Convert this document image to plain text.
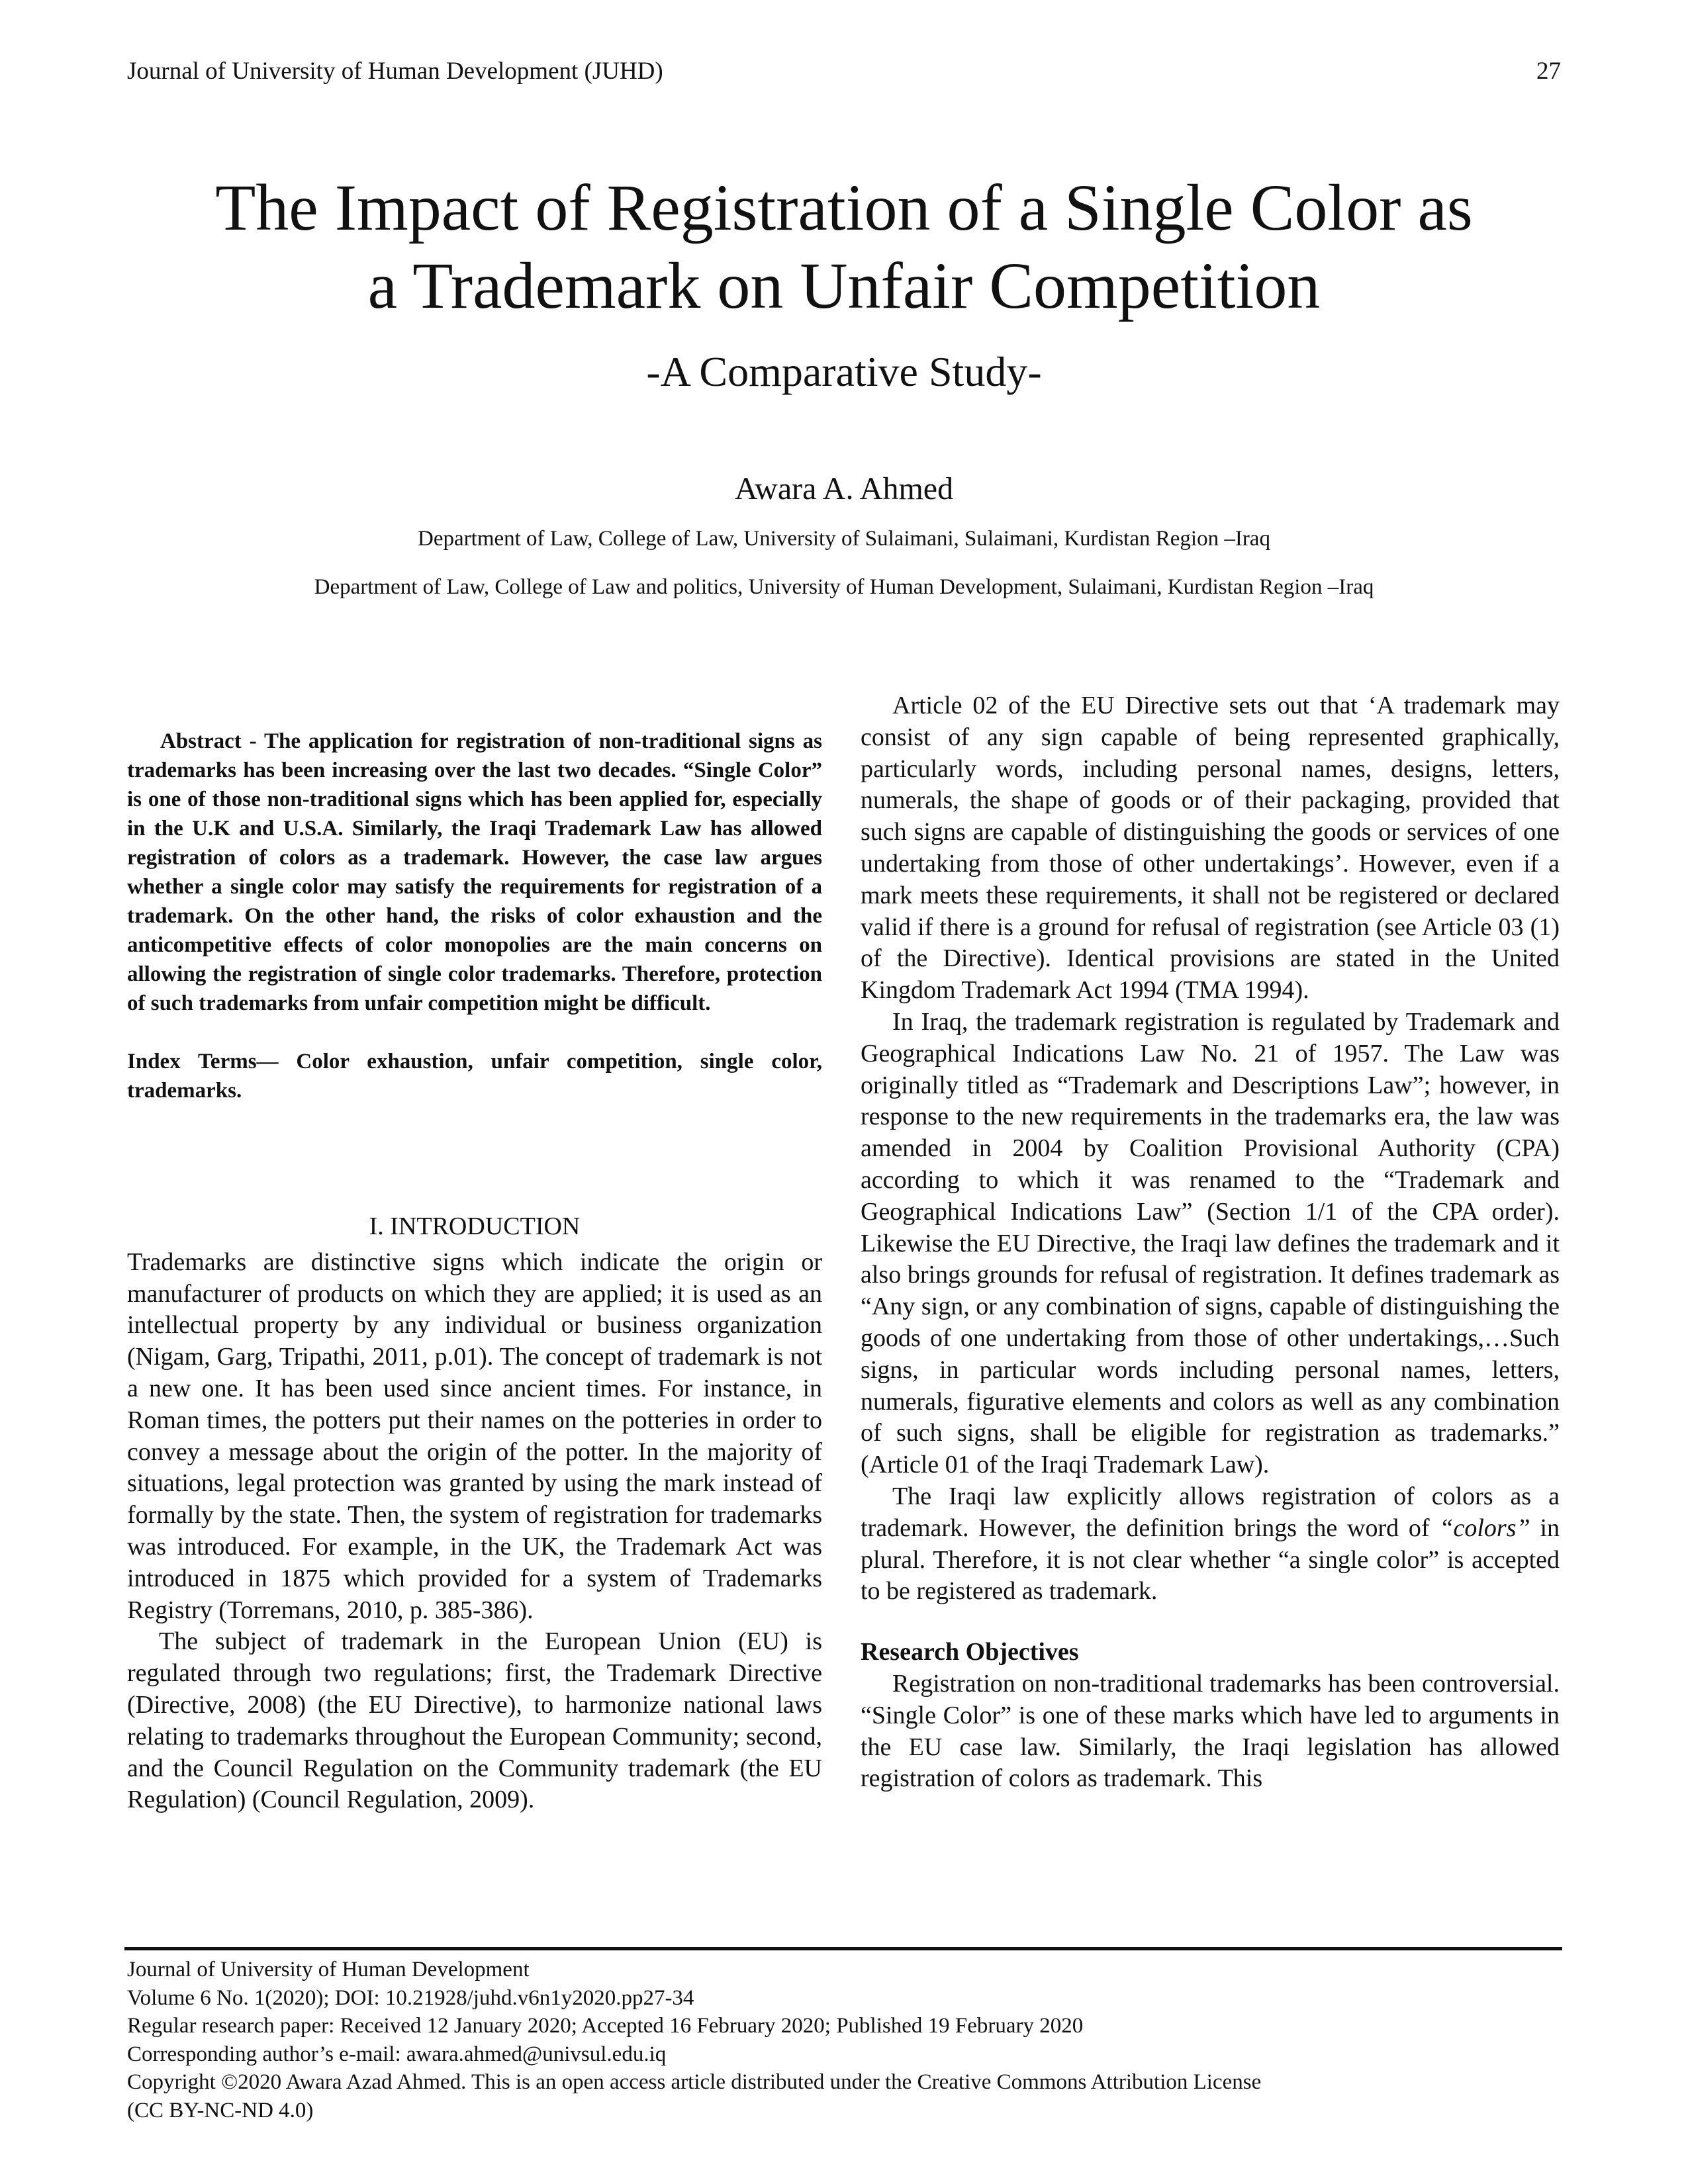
Journal of University of Human Development (JUHD)	27
The Impact of Registration of a Single Color as
a Trademark on Unfair Competition
-A Comparative Study-
Awara A. Ahmed
Department of Law, College of Law, University of Sulaimani, Sulaimani, Kurdistan Region –Iraq
Department of Law, College of Law and politics, University of Human Development, Sulaimani, Kurdistan Region –Iraq

Abstract - The application for registration of non-traditional signs as trademarks has been increasing over the last two decades. “Single Color” is one of those non-traditional signs which has been applied for, especially in the U.K and U.S.A. Similarly, the Iraqi Trademark Law has allowed registration of colors as a trademark. However, the case law argues whether a single color may satisfy the requirements for registration of a trademark. On the other hand, the risks of color exhaustion and the anticompetitive effects of color monopolies are the main concerns on allowing the registration of single color trademarks. Therefore, protection of such trademarks from unfair competition might be difficult.

Index Terms— Color exhaustion, unfair competition, single color, trademarks.

I. INTRODUCTION

Trademarks are distinctive signs which indicate the origin or manufacturer of products on which they are applied; it is used as an intellectual property by any individual or business organization (Nigam, Garg, Tripathi, 2011, p.01). The concept of trademark is not a new one. It has been used since ancient times. For instance, in Roman times, the potters put their names on the potteries in order to convey a message about the origin of the potter. In the majority of situations, legal protection was granted by using the mark instead of formally by the state. Then, the system of registration for trademarks was introduced. For example, in the UK, the Trademark Act was introduced in 1875 which provided for a system of Trademarks Registry (Torremans, 2010, p. 385-386).

The subject of trademark in the European Union (EU) is regulated through two regulations; first, the Trademark Directive (Directive, 2008) (the EU Directive), to harmonize national laws relating to trademarks throughout the European Community; second, and the Council Regulation on the Community trademark (the EU Regulation) (Council Regulation, 2009).

Article 02 of the EU Directive sets out that ‘A trademark may consist of any sign capable of being represented graphically, particularly words, including personal names, designs, letters, numerals, the shape of goods or of their packaging, provided that such signs are capable of distinguishing the goods or services of one undertaking from those of other undertakings’. However, even if a mark meets these requirements, it shall not be registered or declared valid if there is a ground for refusal of registration (see Article 03 (1) of the Directive). Identical provisions are stated in the United Kingdom Trademark Act 1994 (TMA 1994).

In Iraq, the trademark registration is regulated by Trademark and Geographical Indications Law No. 21 of 1957. The Law was originally titled as “Trademark and Descriptions Law”; however, in response to the new requirements in the trademarks era, the law was amended in 2004 by Coalition Provisional Authority (CPA) according to which it was renamed to the “Trademark and Geographical Indications Law” (Section 1/1 of the CPA order). Likewise the EU Directive, the Iraqi law defines the trademark and it also brings grounds for refusal of registration. It defines trademark as “Any sign, or any combination of signs, capable of distinguishing the goods of one undertaking from those of other undertakings,…Such signs, in particular words including personal names, letters, numerals, figurative elements and colors as well as any combination of such signs, shall be eligible for registration as trademarks.” (Article 01 of the Iraqi Trademark Law).

The Iraqi law explicitly allows registration of colors as a trademark. However, the definition brings the word of “colors” in plural. Therefore, it is not clear whether “a single color” is accepted to be registered as trademark.

Research Objectives

Registration on non-traditional trademarks has been controversial. “Single Color” is one of these marks which have led to arguments in the EU case law. Similarly, the Iraqi legislation has allowed registration of colors as trademark. This

Journal of University of Human Development
Volume 6 No. 1(2020); DOI: 10.21928/juhd.v6n1y2020.pp27-34
Regular research paper: Received 12 January 2020; Accepted 16 February 2020; Published 19 February 2020
Corresponding author’s e-mail: awara.ahmed@univsul.edu.iq
Copyright ©2020 Awara Azad Ahmed. This is an open access article distributed under the Creative Commons Attribution License
(CC BY-NC-ND 4.0)
